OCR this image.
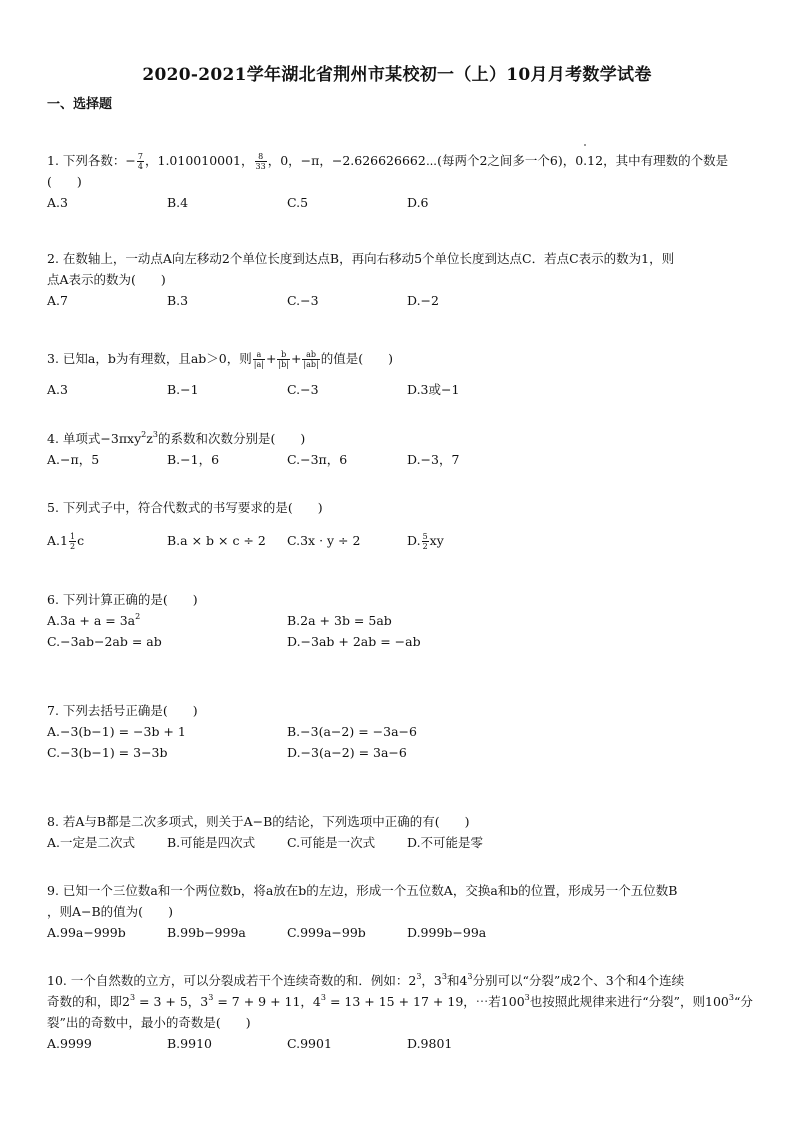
2020-2021学年湖北省荆州市某校初一（上）10月月考数学试卷
一、选择题
1. 下列各数：− $\frac{7}{4}$ ，1.010010001， $\frac{8}{33}$ ，0，−π，−2.626626662⋯(每两个2之间多一个6)，0.12，其中有理数的个数是
(　　)
A.3	B.4	C.5	D.6
2. 在数轴上，一动点A向左移动2个单位长度到达点B，再向右移动5个单位长度到达点C．若点C表示的数为1，则
点A表示的数为(　　)
A.7	B.3	C.−3	D.−2
3. 已知a，b为有理数，且ab＞0，则 $\frac{a}{|a|} + \frac{b}{|b|} + \frac{ab}{|ab|}$ 的值是(　　)
A.3	B.−1	C.−3	D.3或−1
4. 单项式$-3\pi xy^2z^3$的系数和次数分别是(　　)
A.−π，5	B.−1，6	C.−3π，6	D.−3，7
5. 下列式子中，符合代数式的书写要求的是(　　)
$A.1 \frac{1}{2}$ c	B.a × b × c ÷ 2 C.3x · y ÷ 2	D. $\frac{5}{2}$ xy
6. 下列计算正确的是(　　)
$A.3a + a = 3a^2$	B.2a + 3b = 5ab
C.−3ab−2ab = ab	D.−3ab + 2ab = −ab
7. 下列去括号正确是(　　)
A.−3(b−1) = −3b + 1	B.−3(a−2) = −3a−6
C.−3(b−1) = 3−3b	D.−3(a−2) = 3a−6
8. 若A与B都是二次多项式，则关于A−B的结论，下列选项中正确的有(　　)
A.一定是二次式	B.可能是四次式	C.可能是一次式	D.不可能是零
9. 已知一个三位数a和一个两位数b，将a放在b的左边，形成一个五位数A，交换a和b的位置，形成另一个五位数B
，则A−B的值为(　　)
A.99a−999b	B.99b−999a	C.999a−99b	D.999b−99a
10. 一个自然数的立方，可以分裂成若干个连续奇数的和．例如：$2^3$，$3^3$和$4^3$分别可以“分裂”成2个、3个和4个连续
奇数的和，即$2^3 = 3 + 5$，$3^3 = 7 + 9 + 11$，$4^3 = 13 + 15 + 17 + 19$，⋯若$100^3$也按照此规律来进行“分裂”，则$100^3“$分
裂”出的奇数中，最小的奇数是(　　)
A.9999	B.9910	C.9901	D.9801
